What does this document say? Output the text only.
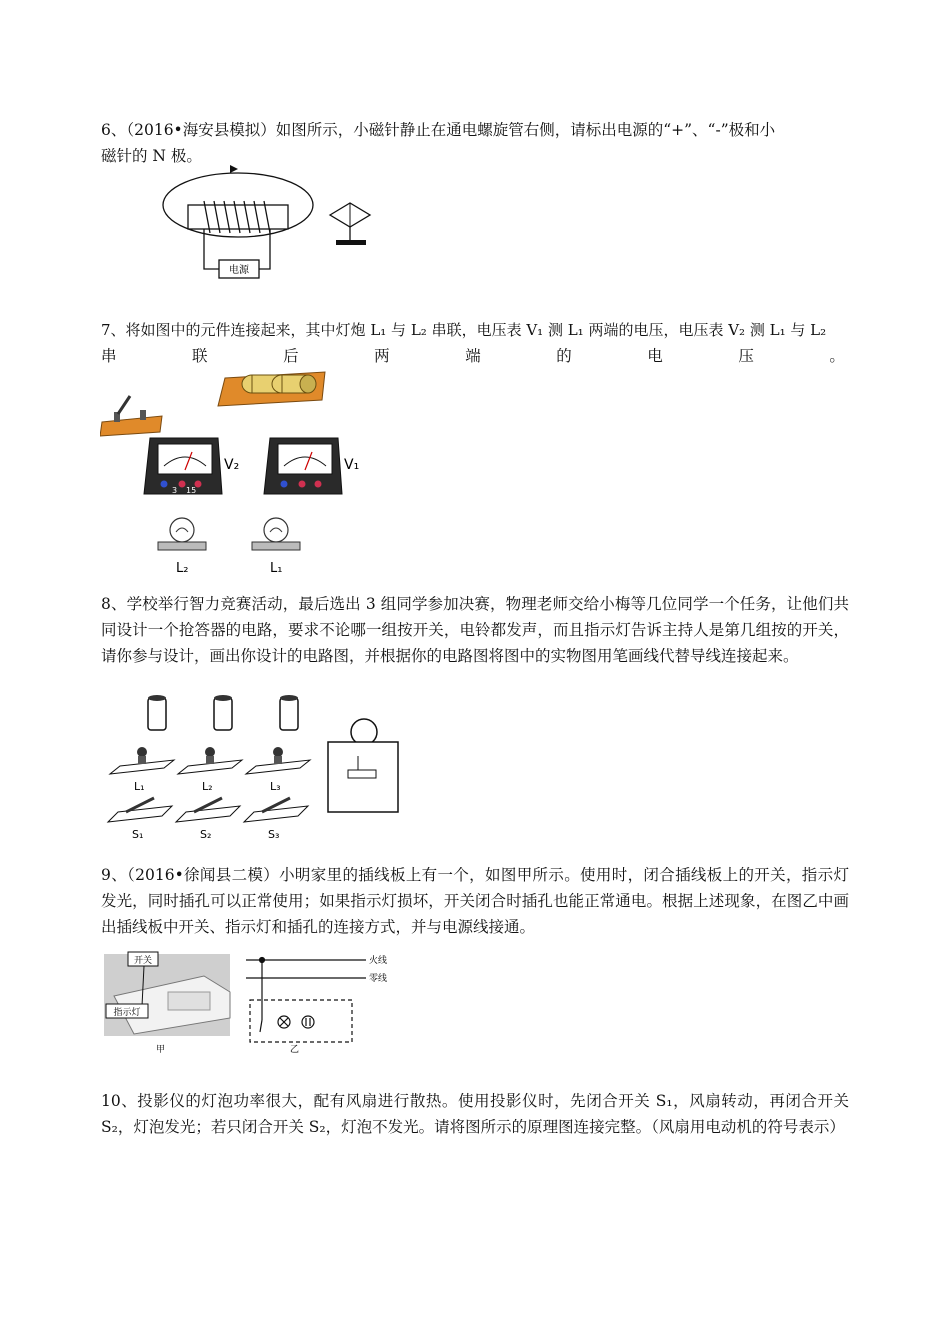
6、（2016•海安县模拟）如图所示，小磁针静止在通电螺旋管右侧，请标出电源的“+”、“-”极和小

磁针的 N 极。

电源

7、将如图中的元件连接起来，其中灯炮 L₁ 与 L₂ 串联，电压表 V₁ 测 L₁ 两端的电压，电压表 V₂ 测 L₁ 与 L₂

串	联	后	两	端	的	电	压	。
3 15
V₂	V₁
L₂	L₁

8、学校举行智力竞赛活动，最后选出 3 组同学参加决赛，物理老师交给小梅等几位同学一个任务，让他们共同设计一个抢答器的电路，要求不论哪一组按开关，电铃都发声，而且指示灯告诉主持人是第几组按的开关，请你参与设计，画出你设计的电路图，并根据你的电路图将图中的实物图用笔画线代替导线连接起来。

L₁	L₂	L₃
S₁	S₂	S₃

9、（2016•徐闻县二模）小明家里的插线板上有一个，如图甲所示。使用时，闭合插线板上的开关，指示灯发光，同时插孔可以正常使用；如果指示灯损坏，开关闭合时插孔也能正常通电。根据上述现象，在图乙中画出插线板中开关、指示灯和插孔的连接方式，并与电源线接通。

开关
指示灯
甲
火线
零线
乙

10、投影仪的灯泡功率很大，配有风扇进行散热。使用投影仪时，先闭合开关 S₁，风扇转动，再闭合开关 S₂，灯泡发光；若只闭合开关 S₂，灯泡不发光。请将图所示的原理图连接完整。（风扇用电动机的符号表示）
